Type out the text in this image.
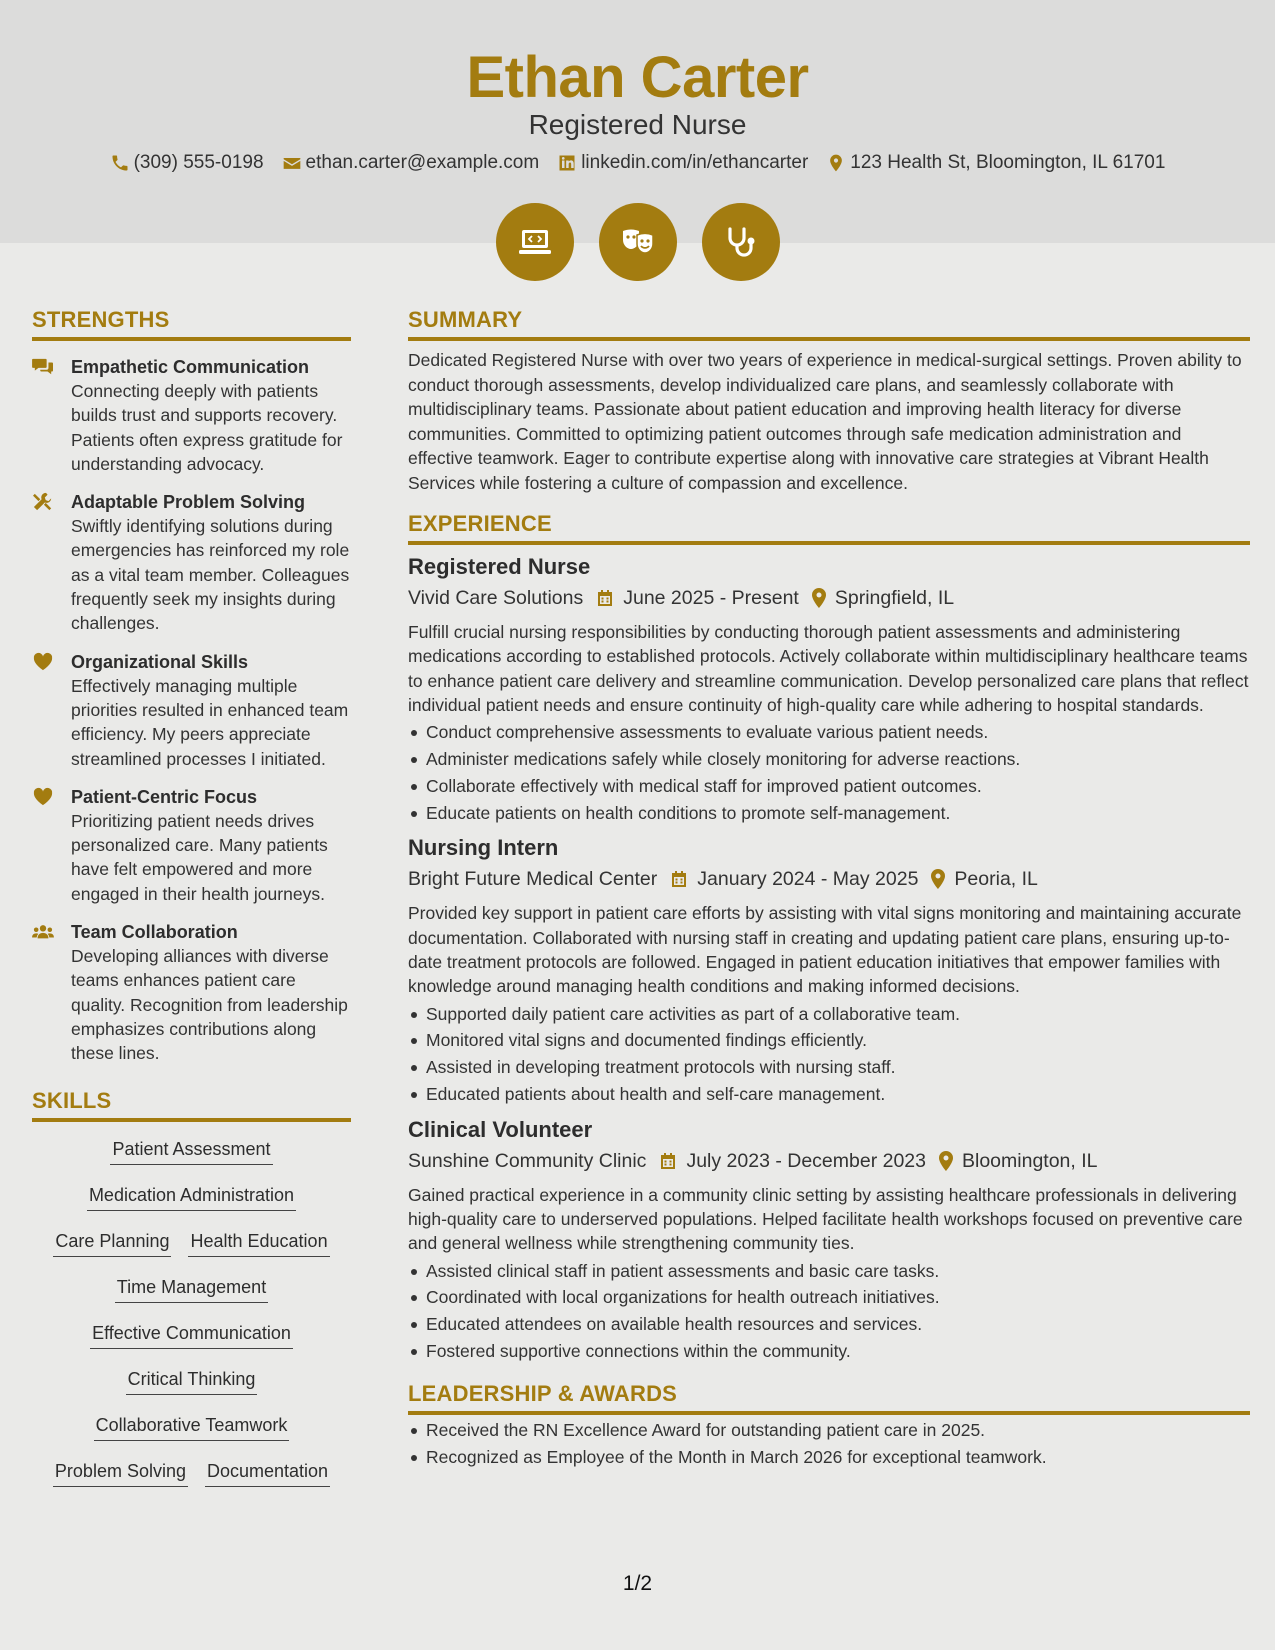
Ethan Carter
Registered Nurse
(309) 555-0198 ethan.carter@example.com linkedin.com/in/ethancarter 123 Health St, Bloomington, IL 61701
STRENGTHS
Empathetic Communication
Connecting deeply with patients builds trust and supports recovery. Patients often express gratitude for understanding advocacy.
Adaptable Problem Solving
Swiftly identifying solutions during emergencies has reinforced my role as a vital team member. Colleagues frequently seek my insights during challenges.
Organizational Skills
Effectively managing multiple priorities resulted in enhanced team efficiency. My peers appreciate streamlined processes I initiated.
Patient-Centric Focus
Prioritizing patient needs drives personalized care. Many patients have felt empowered and more engaged in their health journeys.
Team Collaboration
Developing alliances with diverse teams enhances patient care quality. Recognition from leadership emphasizes contributions along these lines.
SKILLS
Patient Assessment
Medication Administration
Care Planning Health Education
Time Management
Effective Communication
Critical Thinking
Collaborative Teamwork
Problem Solving Documentation
SUMMARY
Dedicated Registered Nurse with over two years of experience in medical-surgical settings. Proven ability to conduct thorough assessments, develop individualized care plans, and seamlessly collaborate with multidisciplinary teams. Passionate about patient education and improving health literacy for diverse communities. Committed to optimizing patient outcomes through safe medication administration and effective teamwork. Eager to contribute expertise along with innovative care strategies at Vibrant Health Services while fostering a culture of compassion and excellence.
EXPERIENCE
Registered Nurse
Vivid Care Solutions June 2025 - Present Springfield, IL
Fulfill crucial nursing responsibilities by conducting thorough patient assessments and administering medications according to established protocols. Actively collaborate within multidisciplinary healthcare teams to enhance patient care delivery and streamline communication. Develop personalized care plans that reflect individual patient needs and ensure continuity of high-quality care while adhering to hospital standards.
Conduct comprehensive assessments to evaluate various patient needs.
Administer medications safely while closely monitoring for adverse reactions.
Collaborate effectively with medical staff for improved patient outcomes.
Educate patients on health conditions to promote self-management.
Nursing Intern
Bright Future Medical Center January 2024 - May 2025 Peoria, IL
Provided key support in patient care efforts by assisting with vital signs monitoring and maintaining accurate documentation. Collaborated with nursing staff in creating and updating patient care plans, ensuring up-to-date treatment protocols are followed. Engaged in patient education initiatives that empower families with knowledge around managing health conditions and making informed decisions.
Supported daily patient care activities as part of a collaborative team.
Monitored vital signs and documented findings efficiently.
Assisted in developing treatment protocols with nursing staff.
Educated patients about health and self-care management.
Clinical Volunteer
Sunshine Community Clinic July 2023 - December 2023 Bloomington, IL
Gained practical experience in a community clinic setting by assisting healthcare professionals in delivering high-quality care to underserved populations. Helped facilitate health workshops focused on preventive care and general wellness while strengthening community ties.
Assisted clinical staff in patient assessments and basic care tasks.
Coordinated with local organizations for health outreach initiatives.
Educated attendees on available health resources and services.
Fostered supportive connections within the community.
LEADERSHIP & AWARDS
Received the RN Excellence Award for outstanding patient care in 2025.
Recognized as Employee of the Month in March 2026 for exceptional teamwork.
1/2
